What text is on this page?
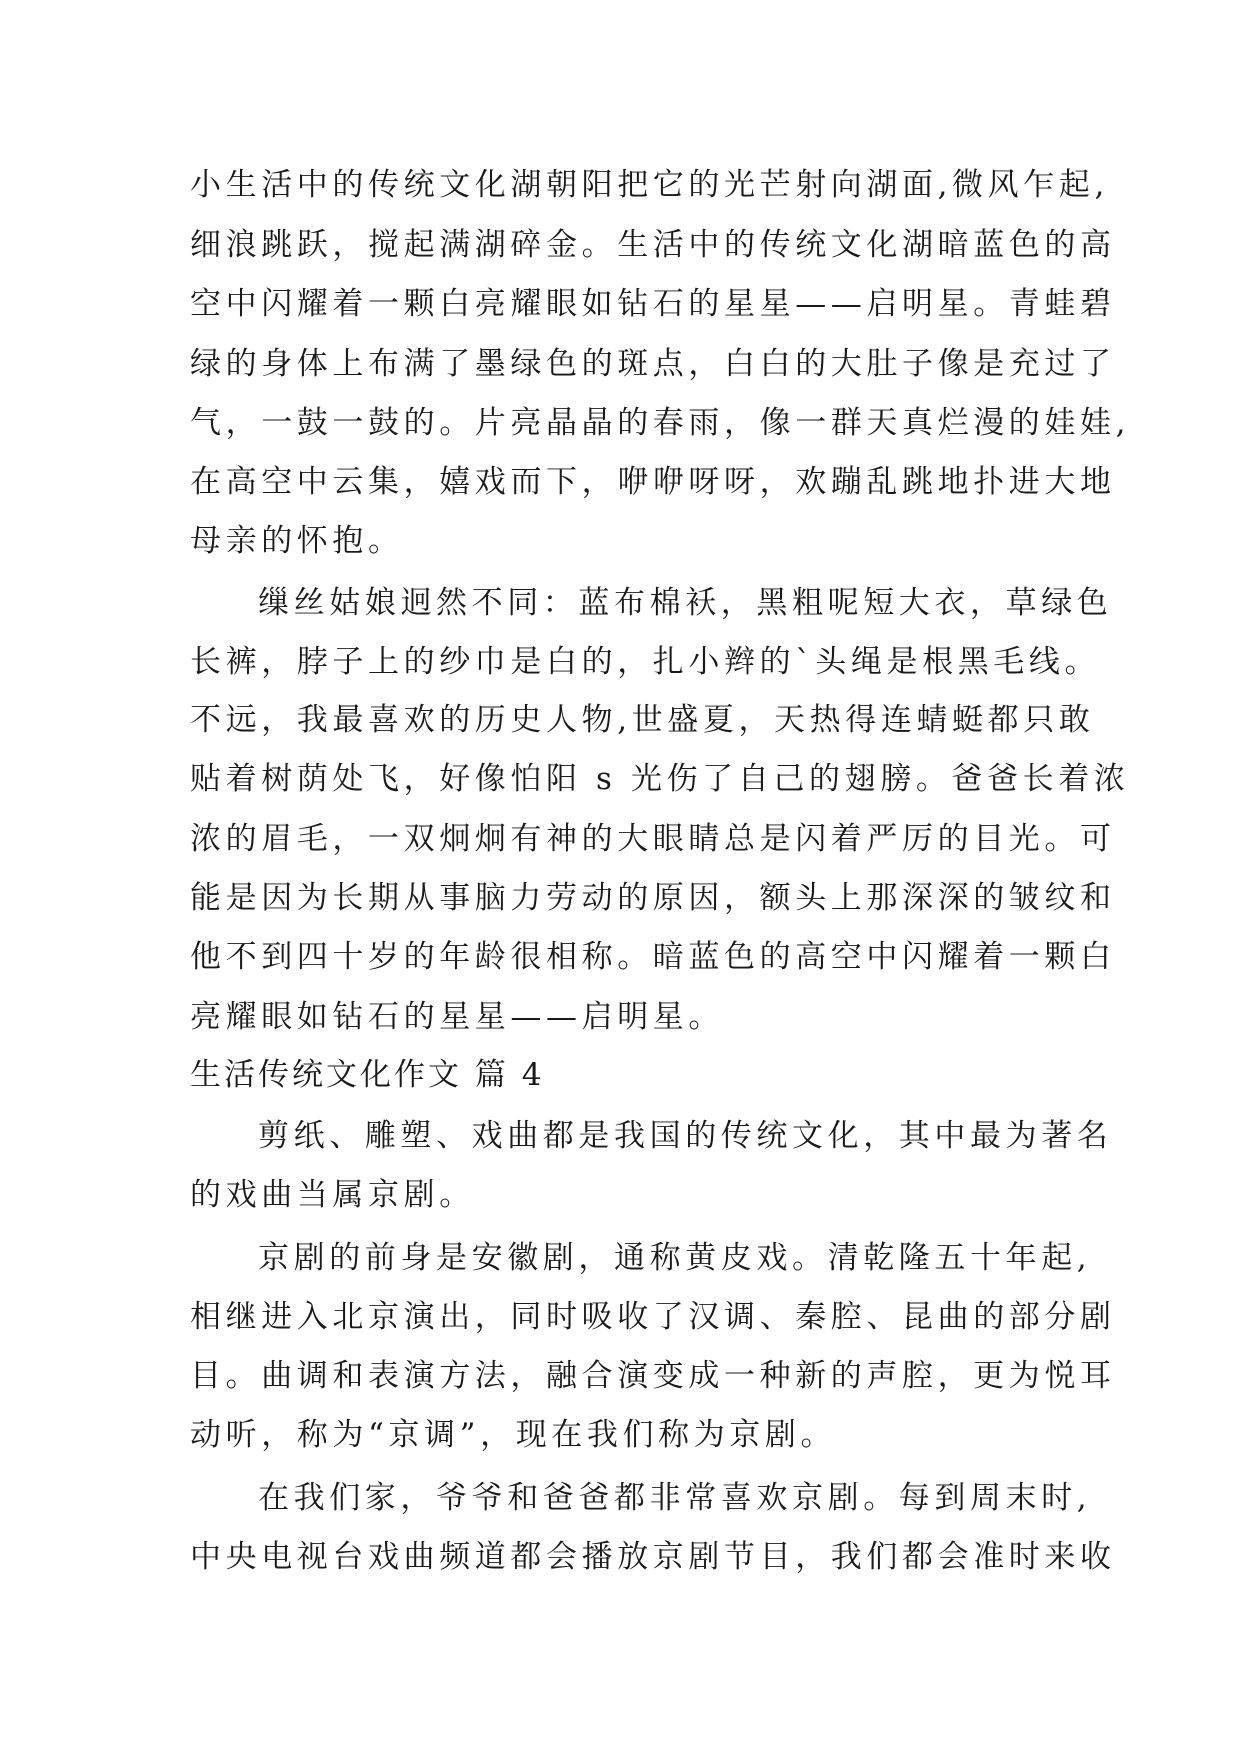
小生活中的传统文化湖朝阳把它的光芒射向湖面,微风乍起,
细浪跳跃，搅起满湖碎金。生活中的传统文化湖暗蓝色的高
空中闪耀着一颗白亮耀眼如钻石的星星——启明星。青蛙碧
绿的身体上布满了墨绿色的斑点，白白的大肚子像是充过了
气，一鼓一鼓的。片亮晶晶的春雨，像一群天真烂漫的娃娃,
在高空中云集，嬉戏而下，咿咿呀呀，欢蹦乱跳地扑进大地
母亲的怀抱。
缫丝姑娘迥然不同：蓝布棉袄，黑粗呢短大衣，草绿色
长裤，脖子上的纱巾是白的，扎小辫的`头绳是根黑毛线。
不远，我最喜欢的历史人物,世盛夏，天热得连蜻蜓都只敢
贴着树荫处飞，好像怕阳 s 光伤了自己的翅膀。爸爸长着浓
浓的眉毛，一双炯炯有神的大眼睛总是闪着严厉的目光。可
能是因为长期从事脑力劳动的原因，额头上那深深的皱纹和
他不到四十岁的年龄很相称。暗蓝色的高空中闪耀着一颗白
亮耀眼如钻石的星星——启明星。
生活传统文化作文 篇 4
剪纸、雕塑、戏曲都是我国的传统文化，其中最为著名
的戏曲当属京剧。
京剧的前身是安徽剧，通称黄皮戏。清乾隆五十年起,
相继进入北京演出，同时吸收了汉调、秦腔、昆曲的部分剧
目。曲调和表演方法，融合演变成一种新的声腔，更为悦耳
动听，称为“京调”，现在我们称为京剧。
在我们家，爷爷和爸爸都非常喜欢京剧。每到周末时,
中央电视台戏曲频道都会播放京剧节目，我们都会准时来收
